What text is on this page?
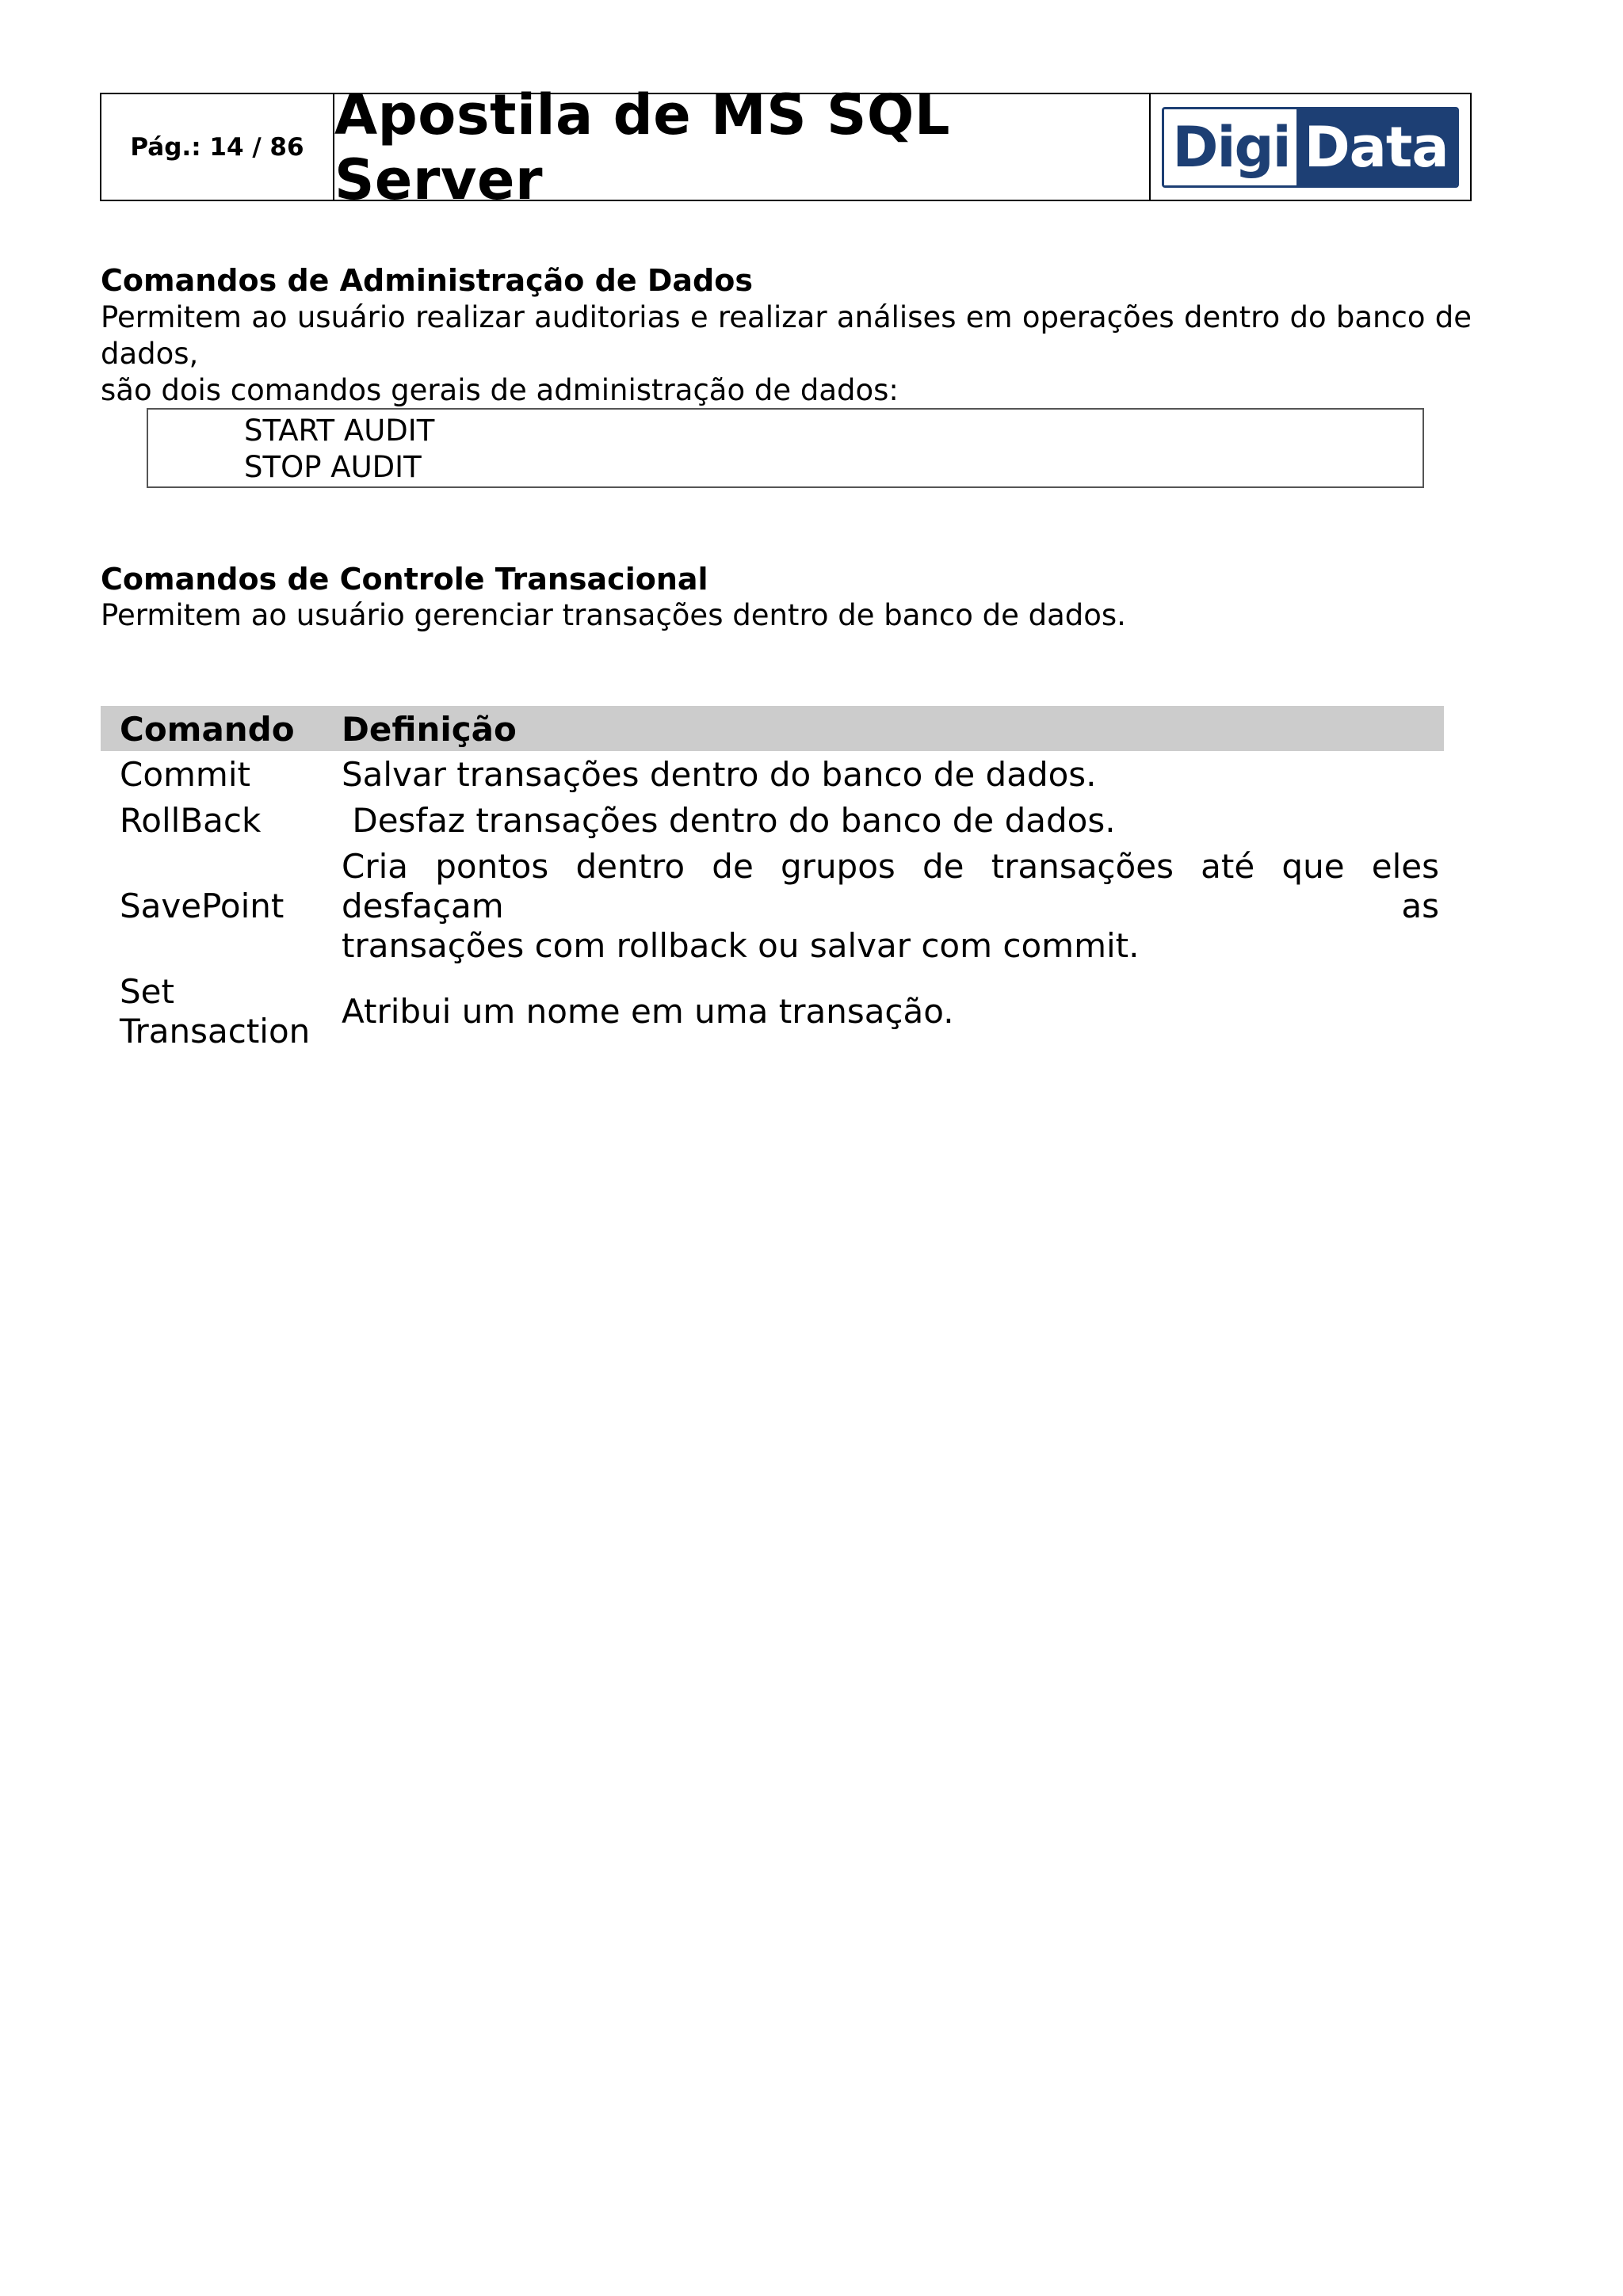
Pág.: 14 / 86 Apostila de MS SQL Server	Digi Data
Comandos de Administração de Dados
Permitem ao usuário realizar auditorias e realizar análises em operações dentro do banco de dados,
são dois comandos gerais de administração de dados:
START AUDIT
STOP AUDIT
Comandos de Controle Transacional
Permitem ao usuário gerenciar transações dentro de banco de dados.
Comando	Definição
Commit	Salvar transações dentro do banco de dados.
RollBack	Desfaz transações dentro do banco de dados.
SavePoint	Cria pontos dentro de grupos de transações até que eles desfaçam as
transações com rollback ou salvar com commit.

Set Transaction	Atribui um nome em uma transação.
